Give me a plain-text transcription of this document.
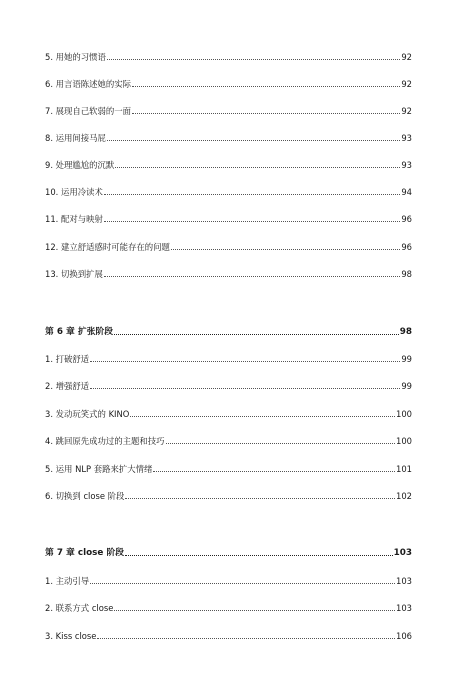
5. 用她的习惯语	92
6. 用言语陈述她的实际	92
7. 展现自己软弱的一面	92
8. 运用间接马屁	93
9. 处理尴尬的沉默	93
10. 运用冷读术	94
11. 配对与映射	96
12. 建立舒适感时可能存在的问题	96
13. 切换到扩展	98
第 6 章 扩张阶段	98
1. 打破舒适	99
2. 增强舒适	99
3. 发动玩笑式的 KINO	100
4. 跳回原先成功过的主题和技巧	100
5. 运用 NLP 套路来扩大情绪	101
6. 切换到 close 阶段	102
第 7 章 close 阶段	103
1. 主动引导	103
2. 联系方式 close	103
3. Kiss close	106
